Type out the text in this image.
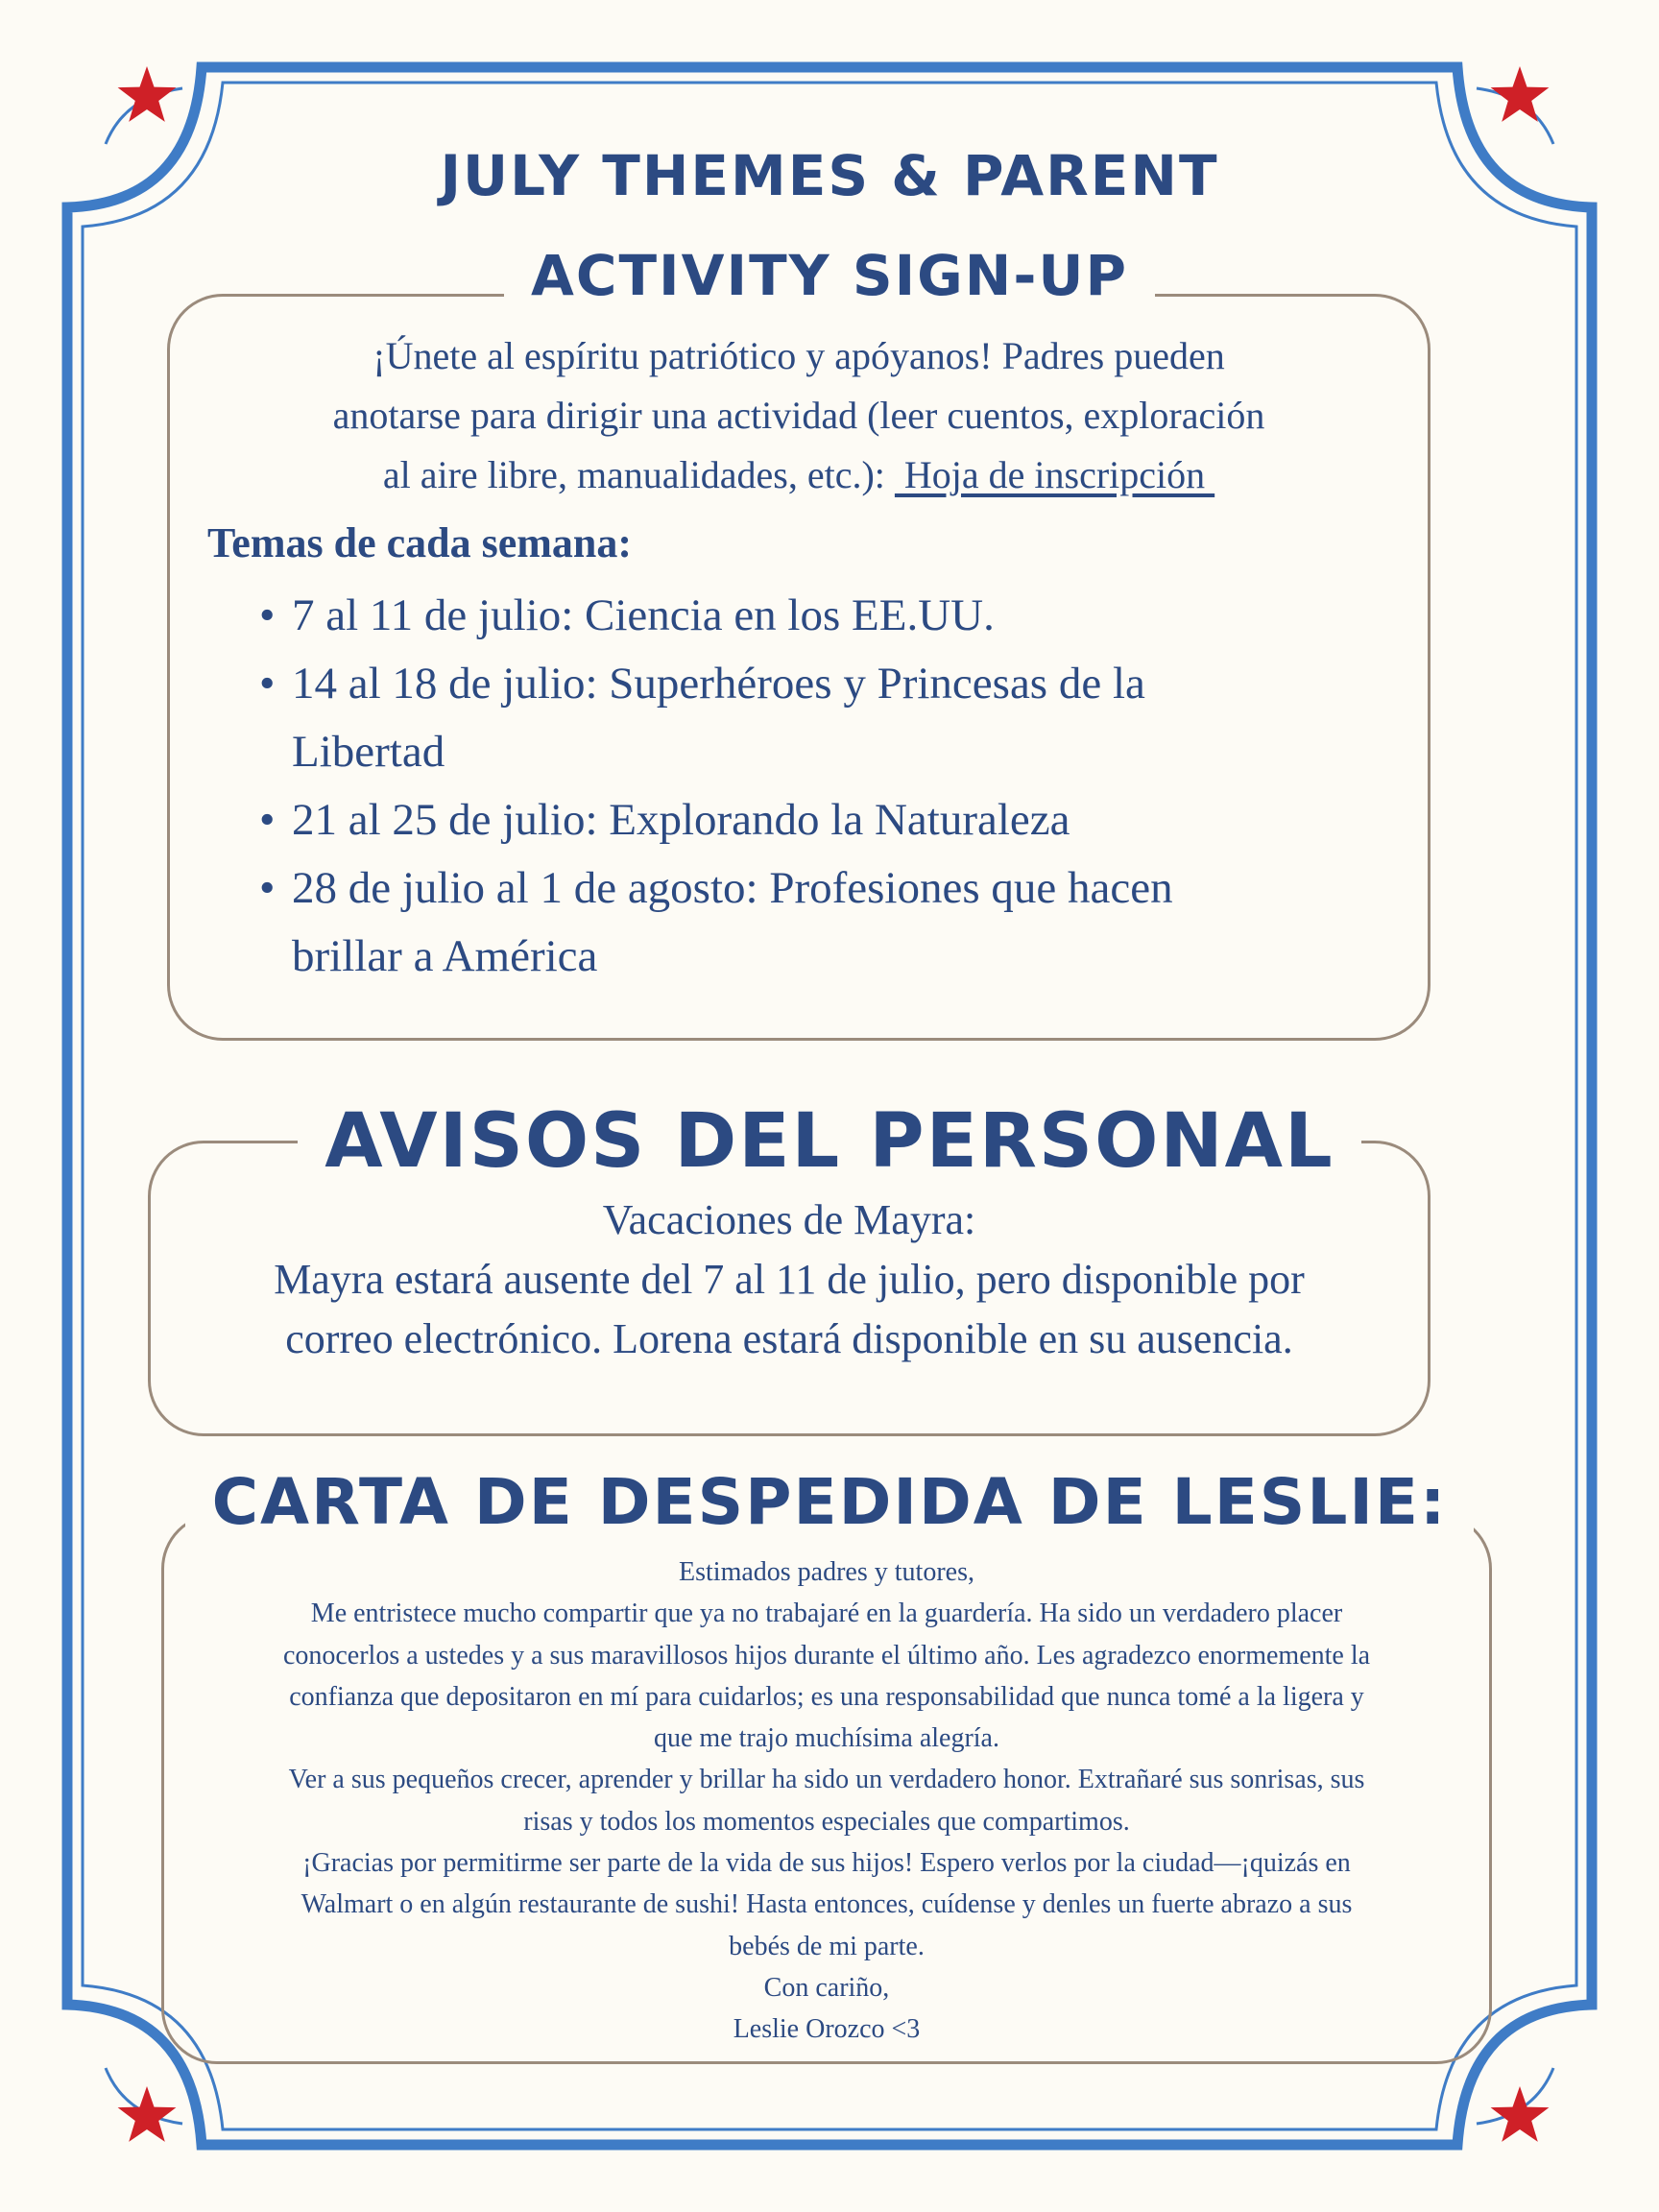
JULY THEMES & PARENT
ACTIVITY SIGN-UP
¡Únete al espíritu patriótico y apóyanos! Padres pueden
anotarse para dirigir una actividad (leer cuentos, exploración
al aire libre, manualidades, etc.):  Hoja de inscripción
Temas de cada semana:
• 7 al 11 de julio: Ciencia en los EE.UU.
• 14 al 18 de julio: Superhéroes y Princesas de la
Libertad
• 21 al 25 de julio: Explorando la Naturaleza
• 28 de julio al 1 de agosto: Profesiones que hacen
brillar a América
AVISOS DEL PERSONAL
Vacaciones de Mayra:
Mayra estará ausente del 7 al 11 de julio, pero disponible por
correo electrónico. Lorena estará disponible en su ausencia.
CARTA DE DESPEDIDA DE LESLIE:
Estimados padres y tutores,
Me entristece mucho compartir que ya no trabajaré en la guardería. Ha sido un verdadero placer
conocerlos a ustedes y a sus maravillosos hijos durante el último año. Les agradezco enormemente la
confianza que depositaron en mí para cuidarlos; es una responsabilidad que nunca tomé a la ligera y
que me trajo muchísima alegría.
Ver a sus pequeños crecer, aprender y brillar ha sido un verdadero honor. Extrañaré sus sonrisas, sus
risas y todos los momentos especiales que compartimos.
¡Gracias por permitirme ser parte de la vida de sus hijos! Espero verlos por la ciudad—¡quizás en
Walmart o en algún restaurante de sushi! Hasta entonces, cuídense y denles un fuerte abrazo a sus
bebés de mi parte.
Con cariño,
Leslie Orozco <3
